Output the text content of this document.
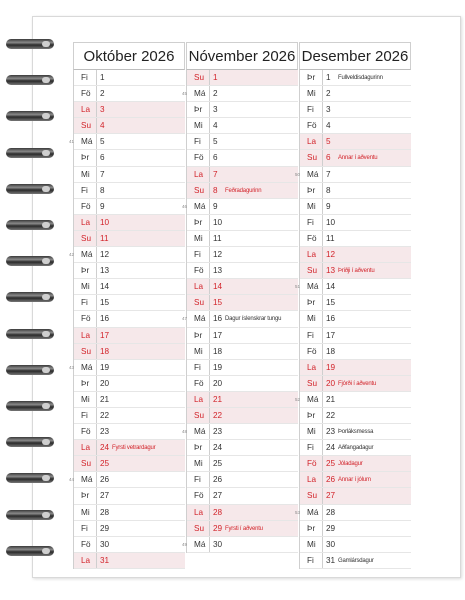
Október 2026
Fi	1
Fö	2
La	3
Su	4
41 Má 5
Þr	6
Mi	7
Fi	8
Fö	9
La	10
Su	11
42 Má 12
Þr	13
Mi	14
Fi	15
Fö	16
La	17
Su	18
43 Má 19
Þr	20
Mi	21
Fi	22
Fö	23
La	24 Fyrsti vetrardagur
Su	25
44 Má 26
Þr	27
Mi	28
Fi	29
Fö	30
La	31
Nóvember 2026
Su	1
45 Má 2
Þr	3
Mi	4
Fi	5
Fö	6
La	7
Su	8	Feðradagurinn
46 Má 9
Þr	10
Mi	11
Fi	12
Fö	13
La	14
Su	15
47 Má 16 Dagur íslenskrar tungu
Þr	17
Mi	18
Fi	19
Fö	20
La	21
Su	22
48 Má 23
Þr	24
Mi	25
Fi	26
Fö	27
La	28
Su	29 Fyrsti í aðventu
49 Má 30
Desember 2026
Þr	1	Fullveldisdagurinn
Mi	2
Fi	3
Fö	4
La	5
Su	6	Annar í aðventu
50 Má 7
Þr	8
Mi	9
Fi	10
Fö	11
La	12
Su	13 Þriðji í aðventu
51 Má 14
Þr	15
Mi	16
Fi	17
Fö	18
La	19
Su	20 Fjórði í aðventu
52 Má 21
Þr	22
Mi	23 Þorláksmessa
Fi	24 Aðfangadagur
Fö	25 Jóladagur
La	26 Annar í jólum
Su	27
53 Má 28
Þr	29
Mi	30
Fi	31 Gamlársdagur
